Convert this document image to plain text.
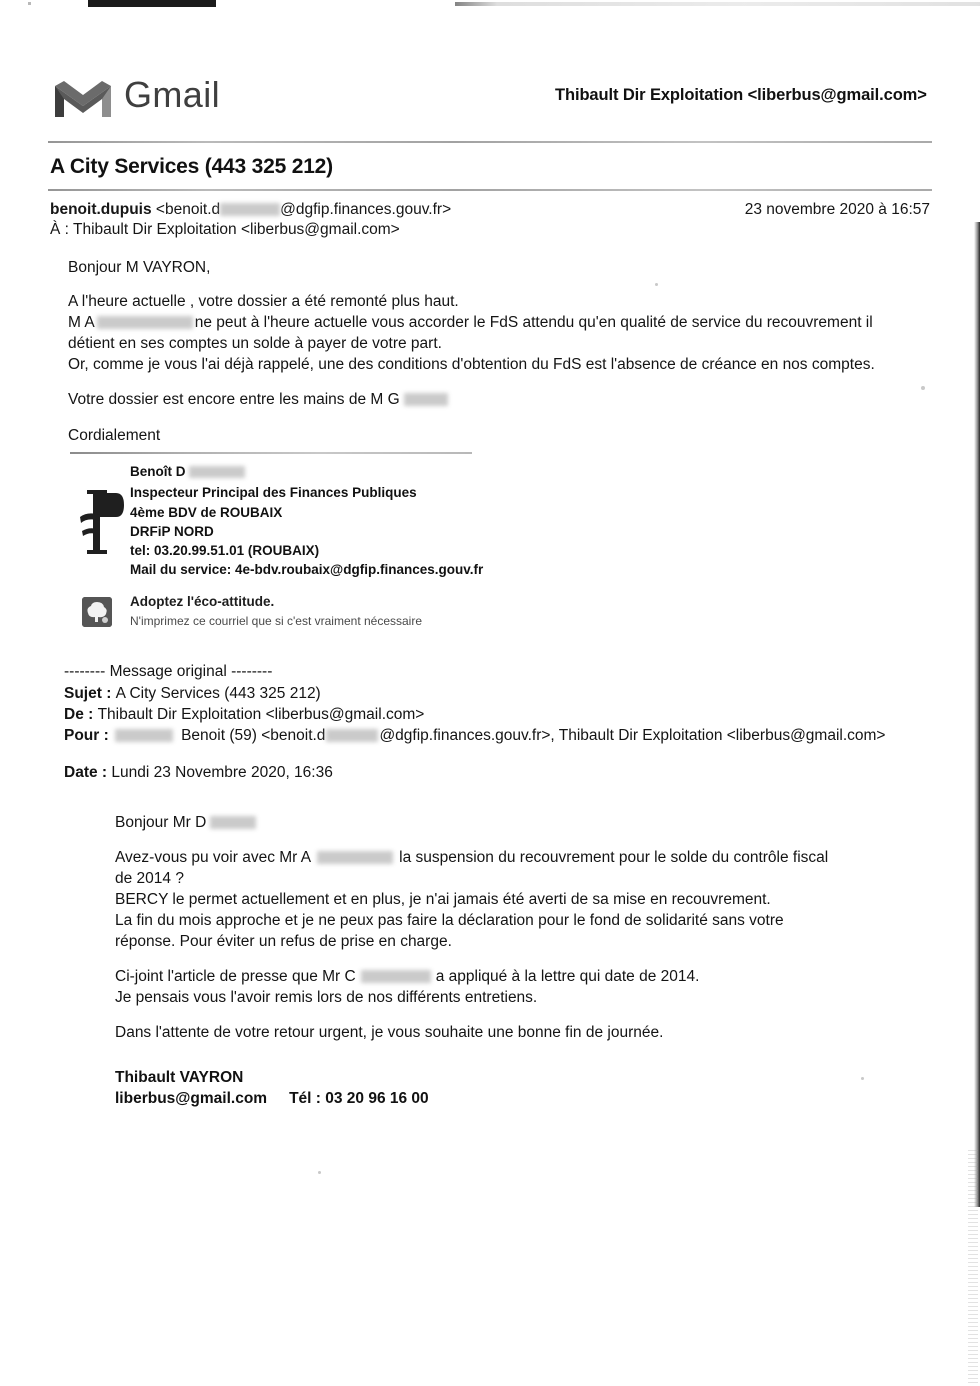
Gmail	Thibault Dir Exploitation <liberbus@gmail.com>
A City Services (443 325 212)
benoit.dupuis <benoit.d	@dgfip.finances.gouv.fr>
À : Thibault Dir Exploitation <liberbus@gmail.com>
23 novembre 2020 à 16:57
Bonjour M VAYRON,
A l'heure actuelle , votre dossier a été remonté plus haut.
M A	ne peut à l'heure actuelle vous accorder le FdS attendu qu'en qualité de service du recouvrement il
détient en ses comptes un solde à payer de votre part.
Or, comme je vous l'ai déjà rappelé, une des conditions d'obtention du FdS est l'absence de créance en nos comptes.
Votre dossier est encore entre les mains de M G
Cordialement
Benoît D
Inspecteur Principal des Finances Publiques
4ème BDV de ROUBAIX
DRFiP NORD
tel: 03.20.99.51.01 (ROUBAIX)
Mail du service: 4e-bdv.roubaix@dgfip.finances.gouv.fr
Adoptez l'éco-attitude.
N'imprimez ce courriel que si c'est vraiment nécessaire
-------- Message original --------
Sujet : A City Services (443 325 212)
De : Thibault Dir Exploitation <liberbus@gmail.com>
Pour :	Benoit (59) <benoit.d	@dgfip.finances.gouv.fr>, Thibault Dir Exploitation <liberbus@gmail.com>
Date : Lundi 23 Novembre 2020, 16:36
Bonjour Mr D
Avez-vous pu voir avec Mr A	la suspension du recouvrement pour le solde du contrôle fiscal
de 2014 ?
BERCY le permet actuellement et en plus, je n'ai jamais été averti de sa mise en recouvrement.
La fin du mois approche et je ne peux pas faire la déclaration pour le fond de solidarité sans votre
réponse. Pour éviter un refus de prise en charge.
Ci-joint l'article de presse que Mr C	a appliqué à la lettre qui date de 2014.
Je pensais vous l'avoir remis lors de nos différents entretiens.
Dans l'attente de votre retour urgent, je vous souhaite une bonne fin de journée.
Thibault VAYRON
liberbus@gmail.com Tél : 03 20 96 16 00
